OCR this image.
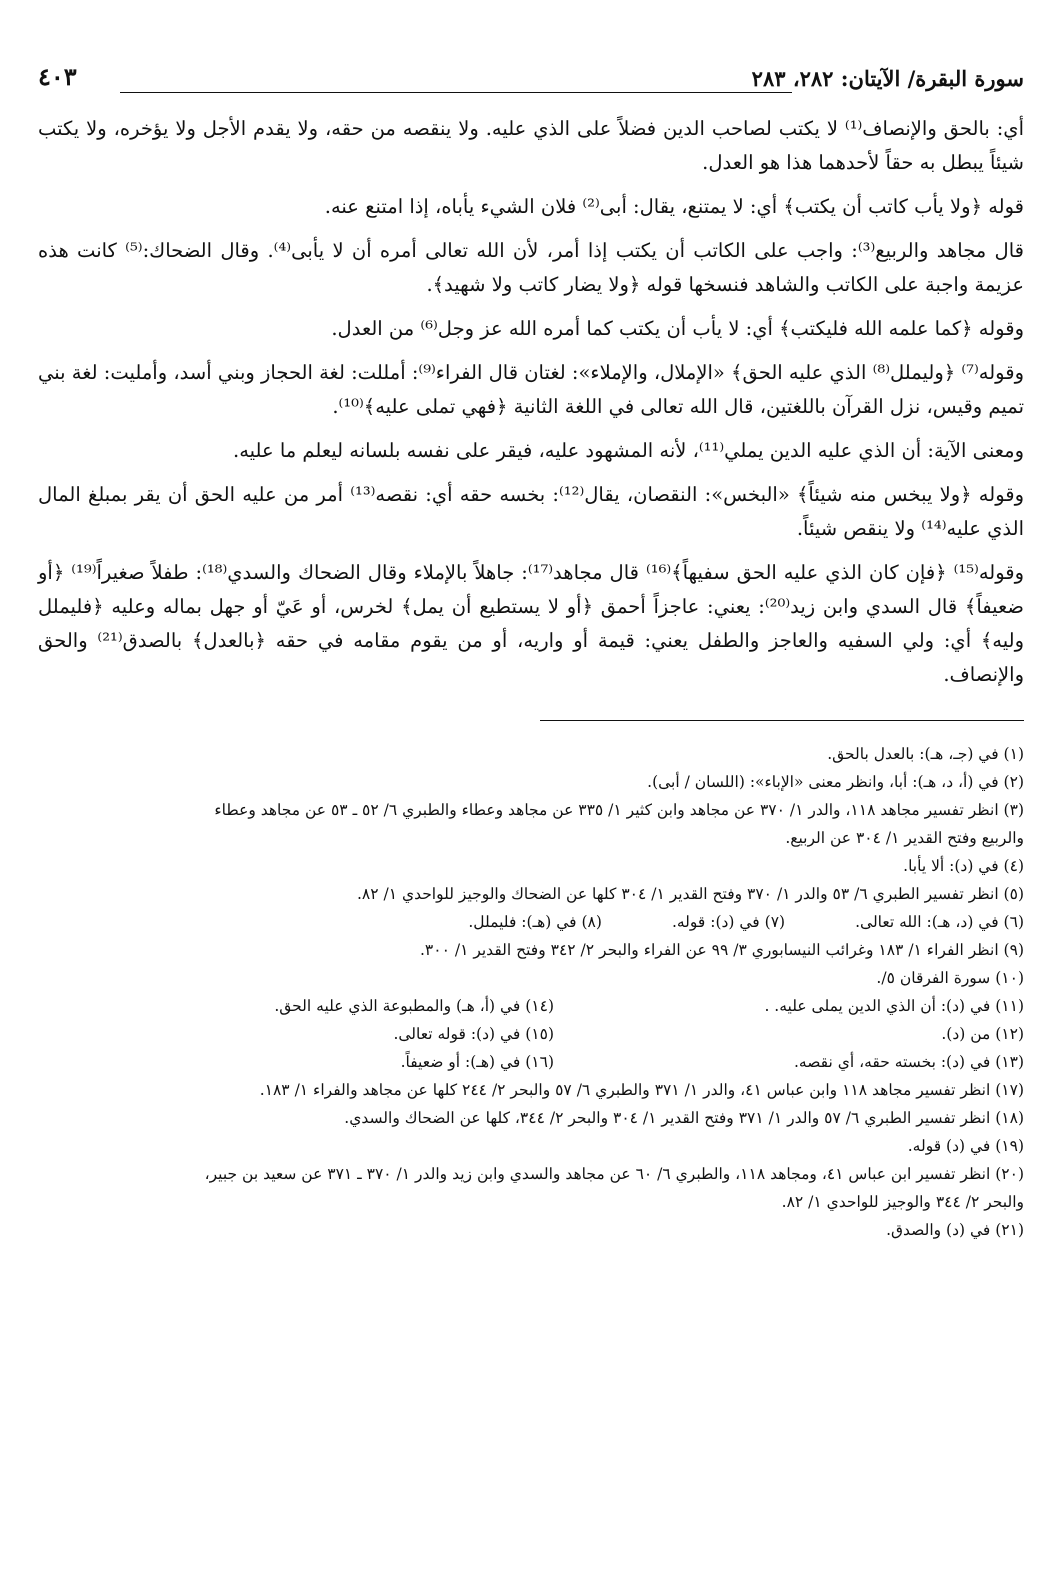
سورة البقرة/ الآيتان: ٢٨٢، ٢٨٣
٤٠٣

أي: بالحق والإنصاف⁽¹⁾ لا يكتب لصاحب الدين فضلاً على الذي عليه. ولا ينقصه من حقه، ولا يقدم الأجل ولا يؤخره، ولا يكتب شيئاً يبطل به حقاً لأحدهما هذا هو العدل.

قوله ﴿ولا يأب كاتب أن يكتب﴾ أي: لا يمتنع، يقال: أبى⁽²⁾ فلان الشيء يأباه، إذا امتنع عنه.

قال مجاهد والربيع⁽³⁾: واجب على الكاتب أن يكتب إذا أمر، لأن الله تعالى أمره أن لا يأبى⁽⁴⁾. وقال الضحاك:⁽⁵⁾ كانت هذه عزيمة واجبة على الكاتب والشاهد فنسخها قوله ﴿ولا يضار كاتب ولا شهيد﴾.

وقوله ﴿كما علمه الله فليكتب﴾ أي: لا يأب أن يكتب كما أمره الله عز وجل⁽⁶⁾ من العدل.

وقوله⁽⁷⁾ ﴿وليملل⁽⁸⁾ الذي عليه الحق﴾ «الإملال، والإملاء»: لغتان قال الفراء⁽⁹⁾: أمللت: لغة الحجاز وبني أسد، وأمليت: لغة بني تميم وقيس، نزل القرآن باللغتين، قال الله تعالى في اللغة الثانية ﴿فهي تملى عليه﴾⁽¹⁰⁾.

ومعنى الآية: أن الذي عليه الدين يملي⁽¹¹⁾، لأنه المشهود عليه، فيقر على نفسه بلسانه ليعلم ما عليه.

وقوله ﴿ولا يبخس منه شيئاً﴾ «البخس»: النقصان، يقال⁽¹²⁾: بخسه حقه أي: نقصه⁽¹³⁾ أمر من عليه الحق أن يقر بمبلغ المال الذي عليه⁽¹⁴⁾ ولا ينقص شيئاً.

وقوله⁽¹⁵⁾ ﴿فإن كان الذي عليه الحق سفيهاً﴾⁽¹⁶⁾ قال مجاهد⁽¹⁷⁾: جاهلاً بالإملاء وقال الضحاك والسدي⁽¹⁸⁾: طفلاً صغيراً⁽¹⁹⁾ ﴿أو ضعيفاً﴾ قال السدي وابن زيد⁽²⁰⁾: يعني: عاجزاً أحمق ﴿أو لا يستطيع أن يمل﴾ لخرس، أو عَيّ أو جهل بماله وعليه ﴿فليملل وليه﴾ أي: ولي السفيه والعاجز والطفل يعني: قيمة أو واريه، أو من يقوم مقامه في حقه ﴿بالعدل﴾ بالصدق⁽²¹⁾ والحق والإنصاف.

(١) في (جـ، هـ): بالعدل بالحق.

(٢) في (أ، د، هـ): أبا، وانظر معنى «الإباء»: (اللسان / أبى).

(٣) انظر تفسير مجاهد ١١٨، والدر ١/ ٣٧٠ عن مجاهد وابن كثير ١/ ٣٣٥ عن مجاهد وعطاء والطبري ٦/ ٥٢ ـ ٥٣ عن مجاهد وعطاء

والربيع وفتح القدير ١/ ٣٠٤ عن الربيع.

(٤) في (د): ألا يأبا.

(٥) انظر تفسير الطبري ٦/ ٥٣ والدر ١/ ٣٧٠ وفتح القدير ١/ ٣٠٤ كلها عن الضحاك والوجيز للواحدي ١/ ٨٢.

(٦) في (د، هـ): الله تعالى.
(٧) في (د): قوله.
(٨) في (هـ): فليملل.

(٩) انظر الفراء ١/ ١٨٣ وغرائب النيسابوري ٣/ ٩٩ عن الفراء والبحر ٢/ ٣٤٢ وفتح القدير ١/ ٣٠٠.

(١٠) سورة الفرقان ٥/.

(١١) في (د): أن الذي الدين يملى عليه. .
(١٤) في (أ، هـ) والمطبوعة الذي عليه الحق.
(١٢) من (د).
(١٥) في (د): قوله تعالى.
(١٣) في (د): بخسته حقه، أي نقصه.
(١٦) في (هـ): أو ضعيفاً.

(١٧) انظر تفسير مجاهد ١١٨ وابن عباس ٤١، والدر ١/ ٣٧١ والطبري ٦/ ٥٧ والبحر ٢/ ٢٤٤ كلها عن مجاهد والفراء ١/ ١٨٣.

(١٨) انظر تفسير الطبري ٦/ ٥٧ والدر ١/ ٣٧١ وفتح القدير ١/ ٣٠٤ والبحر ٢/ ٣٤٤، كلها عن الضحاك والسدي.

(١٩) في (د) قوله.

(٢٠) انظر تفسير ابن عباس ٤١، ومجاهد ١١٨، والطبري ٦/ ٦٠ عن مجاهد والسدي وابن زيد والدر ١/ ٣٧٠ ـ ٣٧١ عن سعيد بن جبير،

والبحر ٢/ ٣٤٤ والوجيز للواحدي ١/ ٨٢.

(٢١) في (د) والصدق.
